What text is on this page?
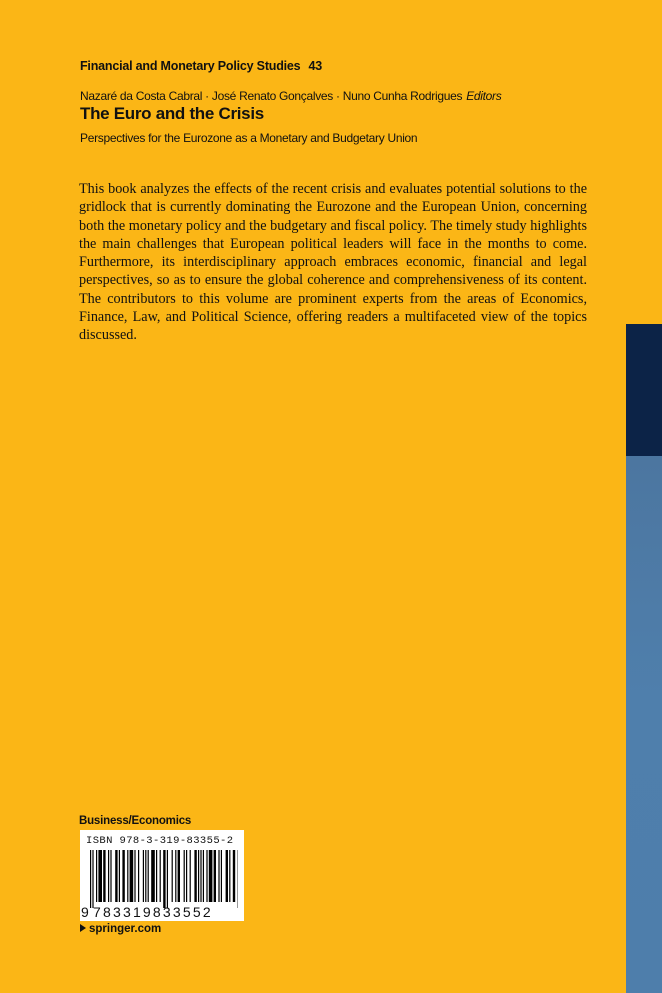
Financial and Monetary Policy Studies 43
Nazaré da Costa Cabral · José Renato Gonçalves · Nuno Cunha Rodrigues Editors
The Euro and the Crisis
Perspectives for the Eurozone as a Monetary and Budgetary Union

This book analyzes the effects of the recent crisis and evaluates potential solutions to the gridlock that is currently dominating the Eurozone and the European Union, concerning both the monetary policy and the budgetary and fiscal policy. The timely study highlights the main challenges that European political leaders will face in the months to come. Furthermore, its interdisciplinary approach embraces economic, financial and legal perspectives, so as to ensure the global coherence and comprehensiveness of its content. The contributors to this volume are prominent experts from the areas of Economics, Finance, Law, and Political Science, offering readers a multifaceted view of the topics discussed.

Business/Economics
ISBN 978-3-319-83355-2
9 783319833552
springer.com
